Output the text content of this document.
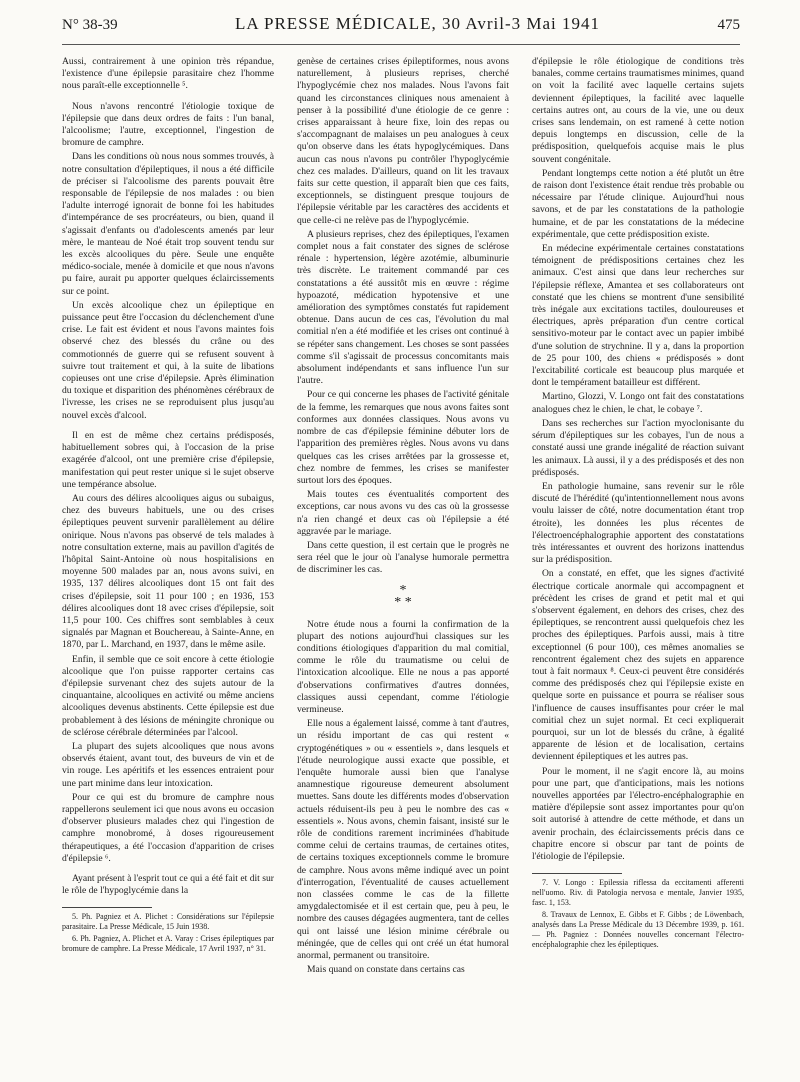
N° 38-39	LA PRESSE MÉDICALE, 30 Avril-3 Mai 1941	475

Aussi, contrairement à une opinion très répandue, l'existence d'une épilepsie parasitaire chez l'homme nous paraît-elle exceptionnelle ⁵.

Nous n'avons rencontré l'étiologie toxique de l'épilepsie que dans deux ordres de faits : l'un banal, l'alcoolisme; l'autre, exceptionnel, l'ingestion de bromure de camphre.

Dans les conditions où nous nous sommes trouvés, à notre consultation d'épileptiques, il nous a été difficile de préciser si l'alcoolisme des parents pouvait être responsable de l'épilepsie de nos malades : ou bien l'adulte interrogé ignorait de bonne foi les habitudes d'intempérance de ses procréateurs, ou bien, quand il s'agissait d'enfants ou d'adolescents amenés par leur mère, le manteau de Noé était trop souvent tendu sur les excès alcooliques du père. Seule une enquête médico-sociale, menée à domicile et que nous n'avons pu faire, aurait pu apporter quelques éclaircissements sur ce point.

Un excès alcoolique chez un épileptique en puissance peut être l'occasion du déclenchement d'une crise. Le fait est évident et nous l'avons maintes fois observé chez des blessés du crâne ou des commotionnés de guerre qui se refusent souvent à suivre tout traitement et qui, à la suite de libations copieuses ont une crise d'épilepsie. Après élimination du toxique et disparition des phénomènes cérébraux de l'ivresse, les crises ne se reproduisent plus jusqu'au nouvel excès d'alcool.

Il en est de même chez certains prédisposés, habituellement sobres qui, à l'occasion de la prise exagérée d'alcool, ont une première crise d'épilepsie, manifestation qui peut rester unique si le sujet observe une tempérance absolue.

Au cours des délires alcooliques aigus ou subaigus, chez des buveurs habituels, une ou des crises épileptiques peuvent survenir parallèlement au délire onirique. Nous n'avons pas observé de tels malades à notre consultation externe, mais au pavillon d'agités de l'hôpital Saint-Antoine où nous hospitalisions en moyenne 500 malades par an, nous avons suivi, en 1935, 137 délires alcooliques dont 15 ont fait des crises d'épilepsie, soit 11 pour 100 ; en 1936, 153 délires alcooliques dont 18 avec crises d'épilepsie, soit 11,5 pour 100. Ces chiffres sont semblables à ceux signalés par Magnan et Bouchereau, à Sainte-Anne, en 1870, par L. Marchand, en 1937, dans le même asile.

Enfin, il semble que ce soit encore à cette étiologie alcoolique que l'on puisse rapporter certains cas d'épilepsie survenant chez des sujets autour de la cinquantaine, alcooliques en activité ou même anciens alcooliques devenus abstinents. Cette épilepsie est due probablement à des lésions de méningite chronique ou de sclérose cérébrale déterminées par l'alcool.

La plupart des sujets alcooliques que nous avons observés étaient, avant tout, des buveurs de vin et de vin rouge. Les apéritifs et les essences entraient pour une part minime dans leur intoxication.

Pour ce qui est du bromure de camphre nous rappellerons seulement ici que nous avons eu occasion d'observer plusieurs malades chez qui l'ingestion de camphre monobromé, à doses rigoureusement thérapeutiques, a été l'occasion d'apparition de crises d'épilepsie ⁶.

Ayant présent à l'esprit tout ce qui a été fait et dit sur le rôle de l'hypoglycémie dans la

5. Ph. Pagniez et A. Plichet : Considérations sur l'épilepsie parasitaire. La Presse Médicale, 15 Juin 1938.

6. Ph. Pagniez, A. Plichet et A. Varay : Crises épileptiques par bromure de camphre. La Presse Médicale, 17 Avril 1937, n° 31.

genèse de certaines crises épileptiformes, nous avons naturellement, à plusieurs reprises, cherché l'hypoglycémie chez nos malades. Nous l'avons fait quand les circonstances cliniques nous amenaient à penser à la possibilité d'une étiologie de ce genre : crises apparaissant à heure fixe, loin des repas ou s'accompagnant de malaises un peu analogues à ceux qu'on observe dans les états hypoglycémiques. Dans aucun cas nous n'avons pu contrôler l'hypoglycémie chez ces malades. D'ailleurs, quand on lit les travaux faits sur cette question, il apparaît bien que ces faits, exceptionnels, se distinguent presque toujours de l'épilepsie véritable par les caractères des accidents et que celle-ci ne relève pas de l'hypoglycémie.

A plusieurs reprises, chez des épileptiques, l'examen complet nous a fait constater des signes de sclérose rénale : hypertension, légère azotémie, albuminurie très discrète. Le traitement commandé par ces constatations a été aussitôt mis en œuvre : régime hypoazoté, médication hypotensive et une amélioration des symptômes constatés fut rapidement obtenue. Dans aucun de ces cas, l'évolution du mal comitial n'en a été modifiée et les crises ont continué à se répéter sans changement. Les choses se sont passées comme s'il s'agissait de processus concomitants mais absolument indépendants et sans influence l'un sur l'autre.

Pour ce qui concerne les phases de l'activité génitale de la femme, les remarques que nous avons faites sont conformes aux données classiques. Nous avons vu nombre de cas d'épilepsie féminine débuter lors de l'apparition des premières règles. Nous avons vu dans quelques cas les crises arrêtées par la grossesse et, chez nombre de femmes, les crises se manifester surtout lors des époques.

Mais toutes ces éventualités comportent des exceptions, car nous avons vu des cas où la grossesse n'a rien changé et deux cas où l'épilepsie a été aggravée par le mariage.

Dans cette question, il est certain que le progrès ne sera réel que le jour où l'analyse humorale permettra de discriminer les cas.

*
* *

Notre étude nous a fourni la confirmation de la plupart des notions aujourd'hui classiques sur les conditions étiologiques d'apparition du mal comitial, comme le rôle du traumatisme ou celui de l'intoxication alcoolique. Elle ne nous a pas apporté d'observations confirmatives d'autres données, classiques aussi cependant, comme l'étiologie vermineuse.

Elle nous a également laissé, comme à tant d'autres, un résidu important de cas qui restent « cryptogénétiques » ou « essentiels », dans lesquels et l'étude neurologique aussi exacte que possible, et l'enquête humorale aussi bien que l'analyse anamnestique rigoureuse demeurent absolument muettes. Sans doute les différents modes d'observation actuels réduisent-ils peu à peu le nombre des cas « essentiels ». Nous avons, chemin faisant, insisté sur le rôle de conditions rarement incriminées d'habitude comme celui de certains traumas, de certaines otites, de certains toxiques exceptionnels comme le bromure de camphre. Nous avons même indiqué avec un point d'interrogation, l'éventualité de causes actuellement non classées comme le cas de la fillette amygdalectomisée et il est certain que, peu à peu, le nombre des causes dégagées augmentera, tant de celles qui ont laissé une lésion minime cérébrale ou méningée, que de celles qui ont créé un état humoral anormal, permanent ou transitoire.

Mais quand on constate dans certains cas

d'épilepsie le rôle étiologique de conditions très banales, comme certains traumatismes minimes, quand on voit la facilité avec laquelle certains sujets deviennent épileptiques, la facilité avec laquelle certains autres ont, au cours de la vie, une ou deux crises sans lendemain, on est ramené à cette notion depuis longtemps en discussion, celle de la prédisposition, quelquefois acquise mais le plus souvent congénitale.

Pendant longtemps cette notion a été plutôt un être de raison dont l'existence était rendue très probable ou nécessaire par l'étude clinique. Aujourd'hui nous savons, et de par les constatations de la pathologie humaine, et de par les constatations de la médecine expérimentale, que cette prédisposition existe.

En médecine expérimentale certaines constatations témoignent de prédispositions certaines chez les animaux. C'est ainsi que dans leur recherches sur l'épilepsie réflexe, Amantea et ses collaborateurs ont constaté que les chiens se montrent d'une sensibilité très inégale aux excitations tactiles, douloureuses et électriques, après préparation d'un centre cortical sensitivo-moteur par le contact avec un papier imbibé d'une solution de strychnine. Il y a, dans la proportion de 25 pour 100, des chiens « prédisposés » dont l'excitabilité corticale est beaucoup plus marquée et dont le tempérament batailleur est différent.

Martino, Glozzi, V. Longo ont fait des constatations analogues chez le chien, le chat, le cobaye ⁷.

Dans ses recherches sur l'action myoclonisante du sérum d'épileptiques sur les cobayes, l'un de nous a constaté aussi une grande inégalité de réaction suivant les animaux. Là aussi, il y a des prédisposés et des non prédisposés.

En pathologie humaine, sans revenir sur le rôle discuté de l'hérédité (qu'intentionnellement nous avons voulu laisser de côté, notre documentation étant trop étroite), les données les plus récentes de l'électroencéphalographie apportent des constatations très intéressantes et ouvrent des horizons inattendus sur la prédisposition.

On a constaté, en effet, que les signes d'activité électrique corticale anormale qui accompagnent et précèdent les crises de grand et petit mal et qui s'observent également, en dehors des crises, chez des épileptiques, se rencontrent aussi quelquefois chez les proches des épileptiques. Parfois aussi, mais à titre exceptionnel (6 pour 100), ces mêmes anomalies se rencontrent également chez des sujets en apparence tout à fait normaux ⁸. Ceux-ci peuvent être considérés comme des prédisposés chez qui l'épilepsie existe en quelque sorte en puissance et pourra se réaliser sous l'influence de causes insuffisantes pour créer le mal comitial chez un sujet normal. Et ceci expliquerait pourquoi, sur un lot de blessés du crâne, à égalité apparente de lésion et de localisation, certains deviennent épileptiques et les autres pas.

Pour le moment, il ne s'agit encore là, au moins pour une part, que d'anticipations, mais les notions nouvelles apportées par l'électro-encéphalographie en matière d'épilepsie sont assez importantes pour qu'on soit autorisé à attendre de cette méthode, et dans un avenir prochain, des éclaircissements précis dans ce chapitre encore si obscur par tant de points de l'étiologie de l'épilepsie.

7. V. Longo : Epilessia riflessa da eccitamenti afferenti nell'uomo. Riv. di Patologia nervosa e mentale, Janvier 1935, fasc. 1, 153.

8. Travaux de Lennox, E. Gibbs et F. Gibbs ; de Löwenbach, analysés dans La Presse Médicale du 13 Décembre 1939, p. 161. — Ph. Pagniez : Données nouvelles concernant l'électro-encéphalographie chez les épileptiques.
